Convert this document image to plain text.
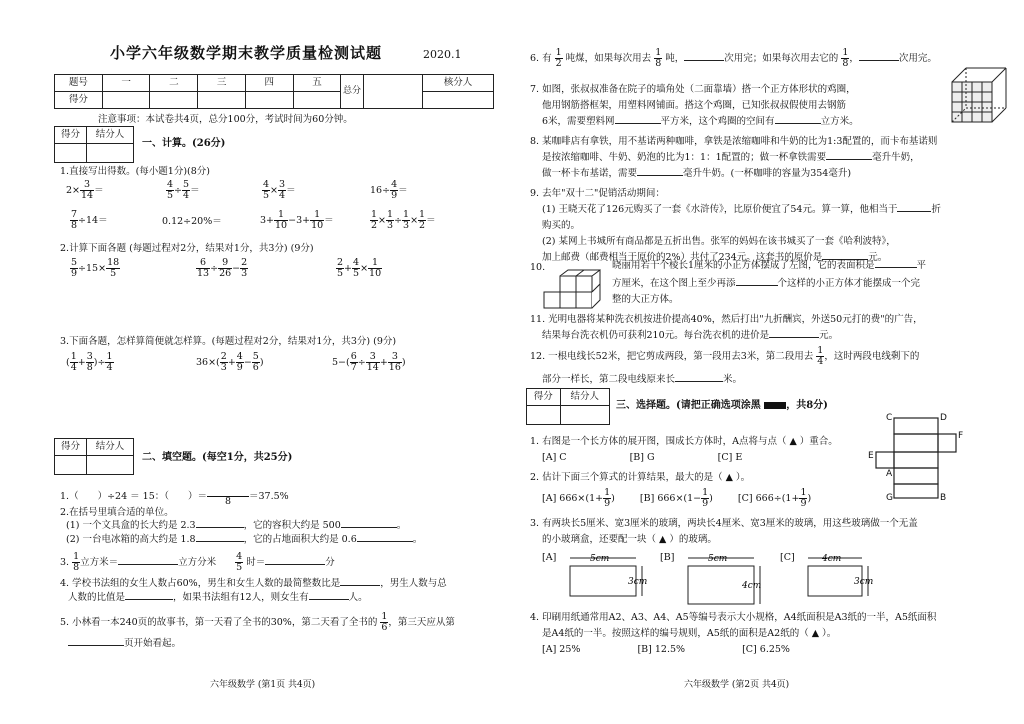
小学六年级数学期末教学质量检测试题	2020.1
题号	一	二	三	四	五	总分		核分人
得分								
注意事项：本试卷共4页，总分100分，考试时间为60分钟。
得分	结分人

一、计算。(26分)
1.直接写出得数。(每小题1分)(8分)
$2\times \frac{3}{14}$ ＝	$\frac{4}{5} \div \frac{5}{4}$ ＝	$\frac{4}{5} \times \frac{3}{4}$ ＝	$16\div \frac{4}{9}$ ＝
$\frac{7}{8} \div 14=$	0.12÷20%＝	$3+ \frac{1}{10} -3+ \frac{1}{10}$ ＝	$\frac{1}{2} \times \frac{1}{3} \div \frac{1}{3} \times \frac{1}{2}$ ＝
2.计算下面各题 (每题过程对2分，结果对1分，共3分) (9分)
$\frac{5}{9} \div 15\times \frac{18}{5}$	$\frac{6}{13} \div \frac{9}{26} - \frac{2}{3}$	$\frac{2}{5} + \frac{4}{5} \times \frac{1}{10}$
3.下面各题，怎样算简便就怎样算。(每题过程对2分，结果对1分，共3分) (9分)
( $\frac{1}{4} + \frac{3}{8}$ )÷ $\frac{1}{4}$	$36\times( \frac{2}{3} + \frac{4}{9} - \frac{5}{6}$ )	$5-( \frac{6}{7} \div \frac{3}{14} + \frac{3}{16}$ )
得分	结分人

二、填空题。(每空1分，共25分)
1.（　　）÷24 ＝ 15：（　　）＝
	8	＝37.5%
2.在括号里填合适的单位。
(1) 一个文具盒的长大约是 2.3	，它的容积大约是 500	。
(2) 一台电冰箱的高大约是 1.8	，它的占地面积大约是 0.6	。
3. $\frac{1}{8}$ 立方米＝	立方分米　　 $\frac{4}{5}$ 时＝	分
4. 学校书法组的女生人数占60%，男生和女生人数的最简整数比是	，男生人数与总
人数的比值是	，如果书法组有12人，则女生有	人。
5. 小林看一本240页的故事书，第一天看了全书的30%，第二天看了全书的 $\frac{1}{6}$ ，第三天应从第
页开始看起。
六年级数学 (第1页 共4页)
6. 有 $\frac{1}{2}$ 吨煤，如果每次用去 $\frac{1}{8}$ 吨，	次用完；如果每次用去它的 $\frac{1}{8}$ ，	次用完。
7. 如图，张叔叔准备在院子的墙角处（二面靠墙）搭一个正方体形状的鸡圈，
他用钢筋搭框架，用塑料网铺面。搭这个鸡圈，已知张叔叔假使用去钢筋
6米，需要塑料网	平方米，这个鸡圈的空间有	立方米。
8. 某咖啡店有拿铁，用不基诺两种咖啡，拿铁是浓缩咖啡和牛奶的比为1:3配置的，而卡布基诺则
是按浓缩咖啡、牛奶、奶泡的比为1：1：1配置的；做一杯拿铁需要	毫升牛奶，
做一杯卡布基诺，需要	毫升牛奶。(一杯咖啡的容量为354毫升)
9. 去年"双十二"促销活动期间：
(1) 王晓天花了126元购买了一套《水浒传》，比原价便宜了54元。算一算，他相当于	折
购买的。
(2) 某网上书城所有商品都是五折出售。张军的妈妈在该书城买了一套《哈利波特》，
加上邮费（邮费相当于原价的2%）共付了234元。这套书的原价是	元。
10.	晓丽用若干个棱长1厘米的小正方体摆成了左图，它的表面积是	平
方厘米，在这个图上至少再添	个这样的小正方体才能摆成一个完
整的大正方体。
11. 光明电器将某种洗衣机按进价提高40%，然后打出"九折酬宾，外送50元打的费"的广告，
结果每台洗衣机仍可获利210元。每台洗衣机的进价是	元。
12. 一根电线长52米，把它剪成两段，第一段用去3米，第二段用去 $\frac{1}{4}$ ，这时两段电线剩下的
部分一样长，第二段电线原来长	米。
得分	结分人

三、选择题。(请把正确选项涂黑	，共8分)
1. 右图是一个长方体的展开图，围成长方体时，A点将与点（ ▲ ）重合。
[A] C	[B] G	[C] E
C	D
F
E
A
G	B
2. 估计下面三个算式的计算结果，最大的是（ ▲ ）。
[A] $666\times(1+ \frac{1}{9}$ )	[B] $666\times(1- \frac{1}{9}$ )	[C] $666\div(1+ \frac{1}{9}$ )
3. 有两块长5厘米、宽3厘米的玻璃，两块长4厘米、宽3厘米的玻璃，用这些玻璃做一个无盖
的小玻璃盒，还要配一块（ ▲ ）的玻璃。
[A]	5cm
3cm
[B]	5cm
4cm
[C]	4cm
3cm
4. 印刷用纸通常用A2、A3、A4、A5等编号表示大小规格，A4纸面积是A3纸的一半，A5纸面积
是A4纸的一半。按照这样的编号规则，A5纸的面积是A2纸的（ ▲ ）。
[A] 25%	[B] 12.5%	[C] 6.25%
六年级数学 (第2页 共4页)
